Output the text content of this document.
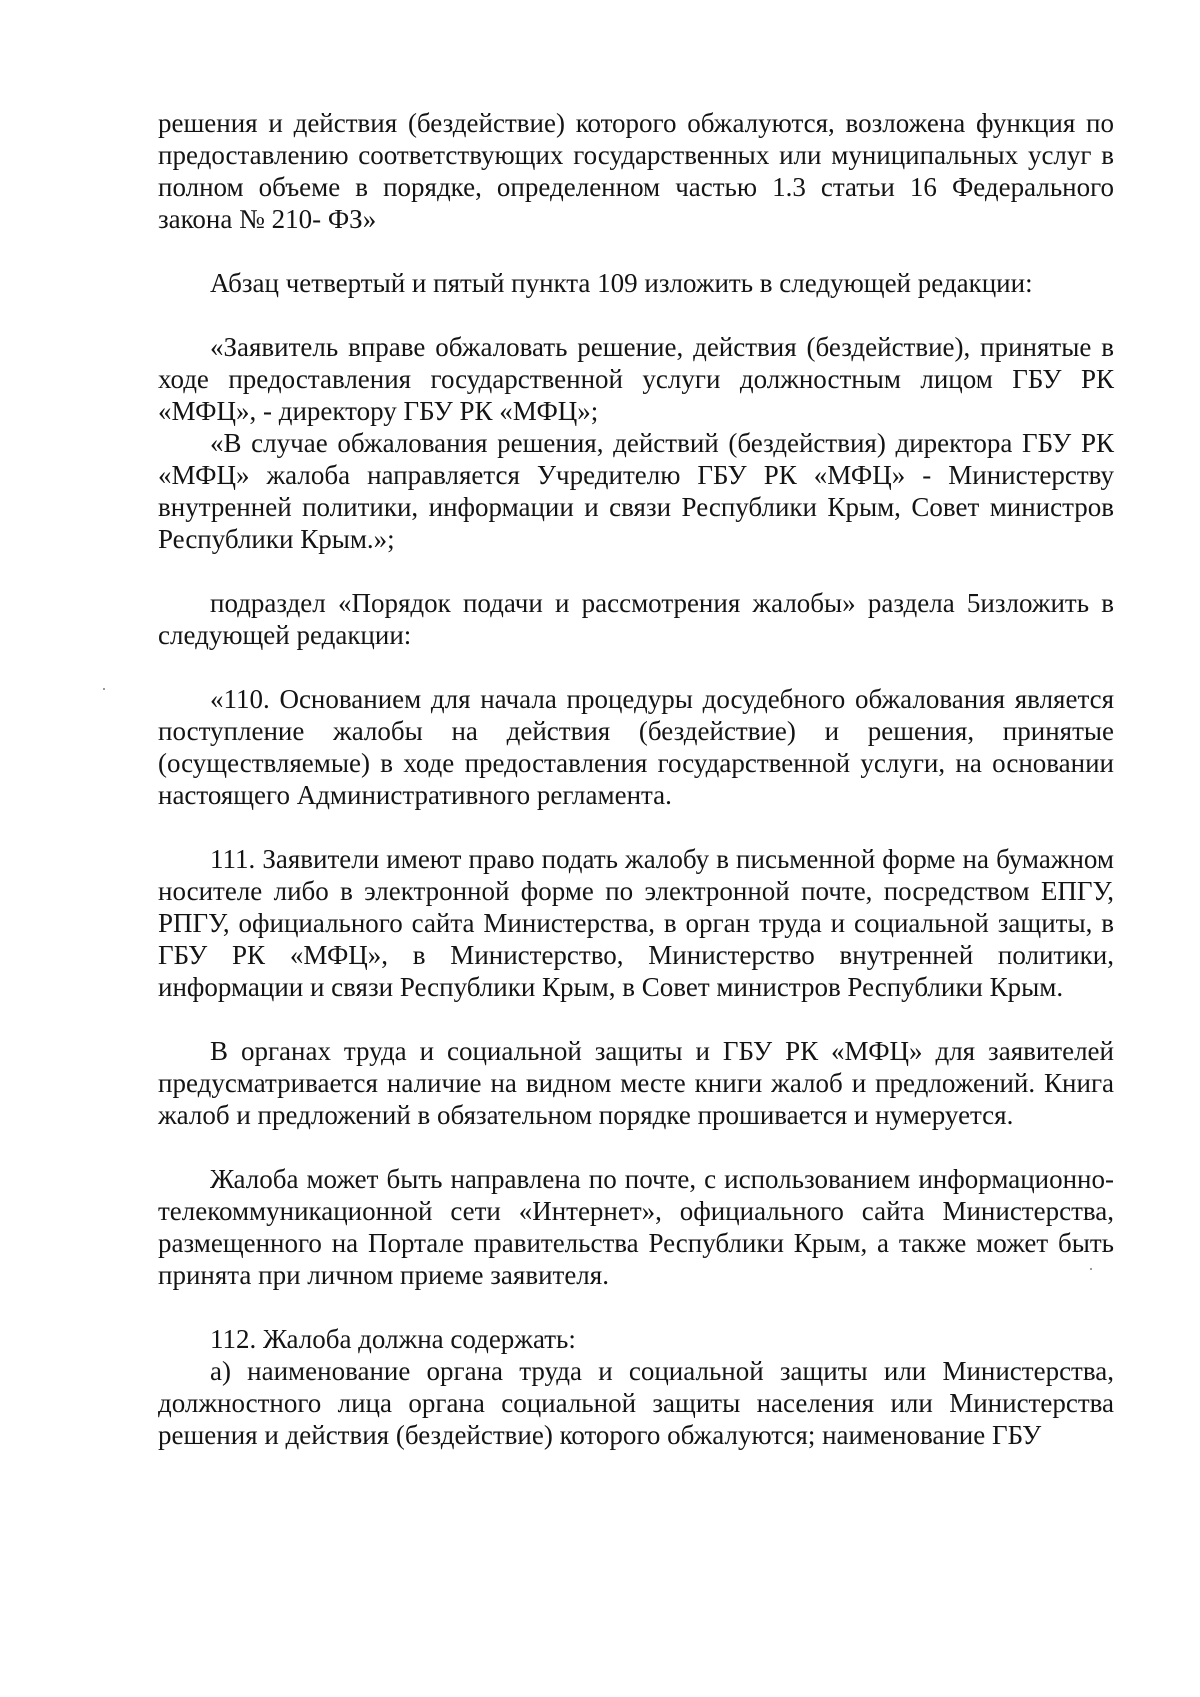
решения и действия (бездействие) которого обжалуются, возложена функция по предоставлению соответствующих государственных или муниципальных услуг в полном объеме в порядке, определенном частью 1.3 статьи 16 Федерального закона № 210- ФЗ»

Абзац четвертый и пятый пункта 109 изложить в следующей редакции:

«Заявитель вправе обжаловать решение, действия (бездействие), принятые в ходе предоставления государственной услуги должностным лицом ГБУ РК «МФЦ», - директору ГБУ РК «МФЦ»;

«В случае обжалования решения, действий (бездействия) директора ГБУ РК «МФЦ» жалоба направляется Учредителю ГБУ РК «МФЦ» - Министерству внутренней политики, информации и связи Республики Крым, Совет министров Республики Крым.»;

подраздел «Порядок подачи и рассмотрения жалобы» раздела 5изложить в следующей редакции:

«110. Основанием для начала процедуры досудебного обжалования является поступление жалобы на действия (бездействие) и решения, принятые (осуществляемые) в ходе предоставления государственной услуги, на основании настоящего Административного регламента.

111. Заявители имеют право подать жалобу в письменной форме на бумажном носителе либо в электронной форме по электронной почте, посредством ЕПГУ, РПГУ, официального сайта Министерства, в орган труда и социальной защиты, в ГБУ РК «МФЦ», в Министерство, Министерство внутренней политики, информации и связи Республики Крым, в Совет министров Республики Крым.

В органах труда и социальной защиты и ГБУ РК «МФЦ» для заявителей предусматривается наличие на видном месте книги жалоб и предложений. Книга жалоб и предложений в обязательном порядке прошивается и нумеруется.

Жалоба может быть направлена по почте, с использованием информационно-телекоммуникационной сети «Интернет», официального сайта Министерства, размещенного на Портале правительства Республики Крым, а также может быть принята при личном приеме заявителя.

112. Жалоба должна содержать:

а) наименование органа труда и социальной защиты или Министерства, должностного лица органа социальной защиты населения или Министерства решения и действия (бездействие) которого обжалуются; наименование ГБУ
